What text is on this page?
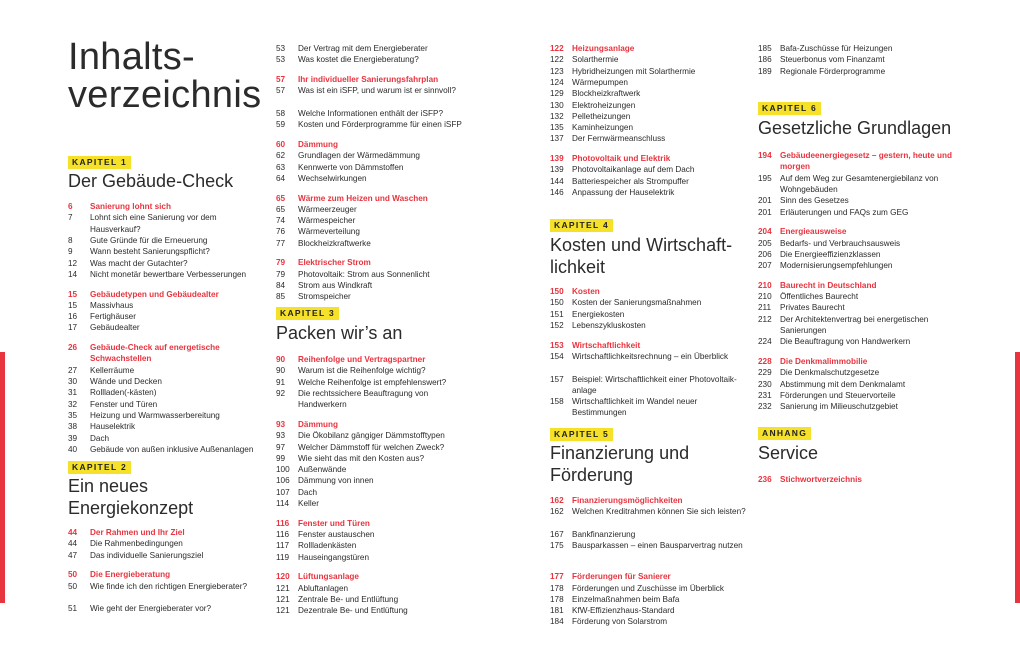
Inhalts-
verzeichnis
KAPITEL 1
Der Gebäude-Check
KAPITEL 2
Ein neues
Energiekonzept
KAPITEL 3
Packen wir’s an
KAPITEL 4
Kosten und Wirtschaft-
lichkeit
KAPITEL 5
Finanzierung und
Förderung
KAPITEL 6
Gesetzliche Grundlagen
ANHANG
Service
6	Sanierung lohnt sich
7	Lohnt sich eine Sanierung vor dem Hausverkauf?
8	Gute Gründe für die Erneuerung
9	Wann besteht Sanierungspflicht?
12	Was macht der Gutachter?
14	Nicht monetär bewertbare Verbesserungen
15	Gebäudetypen und Gebäudealter
15	Massivhaus
16	Fertighäuser
17	Gebäudealter
26	Gebäude-Check auf energetische Schwachstellen
27	Kellerräume
30	Wände und Decken
31	Rollladen(-kästen)
32	Fenster und Türen
35	Heizung und Warmwasserbereitung
38	Hauselektrik
39	Dach
40	Gebäude von außen inklusive Außenanlagen
44	Der Rahmen und Ihr Ziel
44	Die Rahmenbedingungen
47	Das individuelle Sanierungsziel
50	Die Energieberatung
50	Wie finde ich den richtigen Energieberater?
51	Wie geht der Energieberater vor?
53	Der Vertrag mit dem Energieberater
53	Was kostet die Energieberatung?
57	Ihr individueller Sanierungsfahrplan
57	Was ist ein iSFP, und warum ist er sinnvoll?
58	Welche Informationen enthält der iSFP?
59	Kosten und Förderprogramme für einen iSFP
60	Dämmung
62	Grundlagen der Wärmedämmung
63	Kennwerte von Dämmstoffen
64	Wechselwirkungen
65	Wärme zum Heizen und Waschen
65	Wärmeerzeuger
74	Wärmespeicher
76	Wärmeverteilung
77	Blockheizkraftwerke
79	Elektrischer Strom
79	Photovoltaik: Strom aus Sonnenlicht
84	Strom aus Windkraft
85	Stromspeicher
90	Reihenfolge und Vertragspartner
90	Warum ist die Reihenfolge wichtig?
91	Welche Reihenfolge ist empfehlenswert?
92	Die rechtssichere Beauftragung von Handwerkern
93	Dämmung
93	Die Ökobilanz gängiger Dämmstofftypen
97	Welcher Dämmstoff für welchen Zweck?
99	Wie sieht das mit den Kosten aus?
100	Außenwände
106	Dämmung von innen
107	Dach
114	Keller
116	Fenster und Türen
116	Fenster austauschen
117	Rollladenkästen
119	Hauseingangstüren
120	Lüftungsanlage
121	Abluftanlagen
121	Zentrale Be- und Entlüftung
121	Dezentrale Be- und Entlüftung
122	Heizungsanlage
122	Solarthermie
123	Hybridheizungen mit Solarthermie
124	Wärmepumpen
129	Blockheizkraftwerk
130	Elektroheizungen
132	Pelletheizungen
135	Kaminheizungen
137	Der Fernwärmeanschluss
139	Photovoltaik und Elektrik
139	Photovoltaikanlage auf dem Dach
144	Batteriespeicher als Strompuffer
146	Anpassung der Hauselektrik
150	Kosten
150	Kosten der Sanierungsmaßnahmen
151	Energiekosten
152	Lebenszykluskosten
153	Wirtschaftlichkeit
154	Wirtschaftlichkeitsrechnung – ein Überblick
157	Beispiel: Wirtschaftlichkeit einer Photovoltaik-anlage
158	Wirtschaftlichkeit im Wandel neuer Bestimmungen
162	Finanzierungsmöglichkeiten
162	Welchen Kreditrahmen können Sie sich leisten?
167	Bankfinanzierung
175	Bausparkassen – einen Bausparvertrag nutzen
177	Förderungen für Sanierer
178	Förderungen und Zuschüsse im Überblick
178	Einzelmaßnahmen beim Bafa
181	KfW-Effizienzhaus-Standard
184	Förderung von Solarstrom
185	Bafa-Zuschüsse für Heizungen
186	Steuerbonus vom Finanzamt
189	Regionale Förderprogramme
194	Gebäudeenergiegesetz – gestern, heute und morgen
195	Auf dem Weg zur Gesamtenergiebilanz von Wohngebäuden
201	Sinn des Gesetzes
201	Erläuterungen und FAQs zum GEG
204	Energieausweise
205	Bedarfs- und Verbrauchsausweis
206	Die Energieeffizienzklassen
207	Modernisierungsempfehlungen
210	Baurecht in Deutschland
210	Öffentliches Baurecht
211	Privates Baurecht
212	Der Architektenvertrag bei energetischen Sanierungen
224	Die Beauftragung von Handwerkern
228	Die Denkmalimmobilie
229	Die Denkmalschutzgesetze
230	Abstimmung mit dem Denkmalamt
231	Förderungen und Steuervorteile
232	Sanierung im Milieuschutzgebiet
236	Stichwortverzeichnis
